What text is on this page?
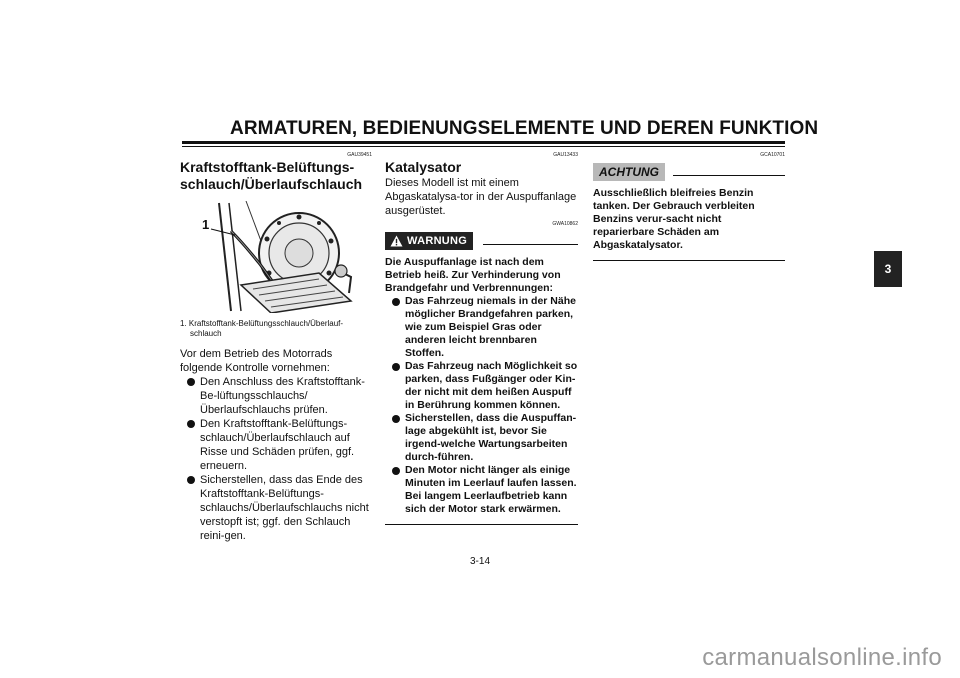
ARMATUREN, BEDIENUNGSELEMENTE UND DEREN FUNKTION
3
GAU39451
Kraftstofftank-Belüftungs-schlauch/Überlaufschlauch
1

1. Kraftstofftank-Belüftungsschlauch/Überlauf-schlauch

Vor dem Betrieb des Motorrads folgende Kontrolle vornehmen:

Den Anschluss des Kraftstofftank-Be-lüftungsschlauchs/Überlaufschlauchs prüfen.
Den Kraftstofftank-Belüftungs-schlauch/Überlaufschlauch auf Risse und Schäden prüfen, ggf. erneuern.
Sicherstellen, dass das Ende des Kraftstofftank-Belüftungs-schlauchs/Überlaufschlauchs nicht verstopft ist; ggf. den Schlauch reini-gen.
GAU13433
Katalysator

Dieses Modell ist mit einem Abgaskatalysa-tor in der Auspuffanlage ausgerüstet.

GWA10862
WARNUNG

Die Auspuffanlage ist nach dem Betrieb heiß. Zur Verhinderung von Brandgefahr und Verbrennungen:

Das Fahrzeug niemals in der Nähe möglicher Brandgefahren parken, wie zum Beispiel Gras oder anderen leicht brennbaren Stoffen.
Das Fahrzeug nach Möglichkeit so parken, dass Fußgänger oder Kin-der nicht mit dem heißen Auspuff in Berührung kommen können.
Sicherstellen, dass die Auspuffan-lage abgekühlt ist, bevor Sie irgend-welche Wartungsarbeiten durch-führen.
Den Motor nicht länger als einige Minuten im Leerlauf laufen lassen. Bei langem Leerlaufbetrieb kann sich der Motor stark erwärmen.
GCA10701
ACHTUNG

Ausschließlich bleifreies Benzin tanken. Der Gebrauch verbleiten Benzins verur-sacht nicht reparierbare Schäden am Abgaskatalysator.

3-14
carmanualsonline.info
